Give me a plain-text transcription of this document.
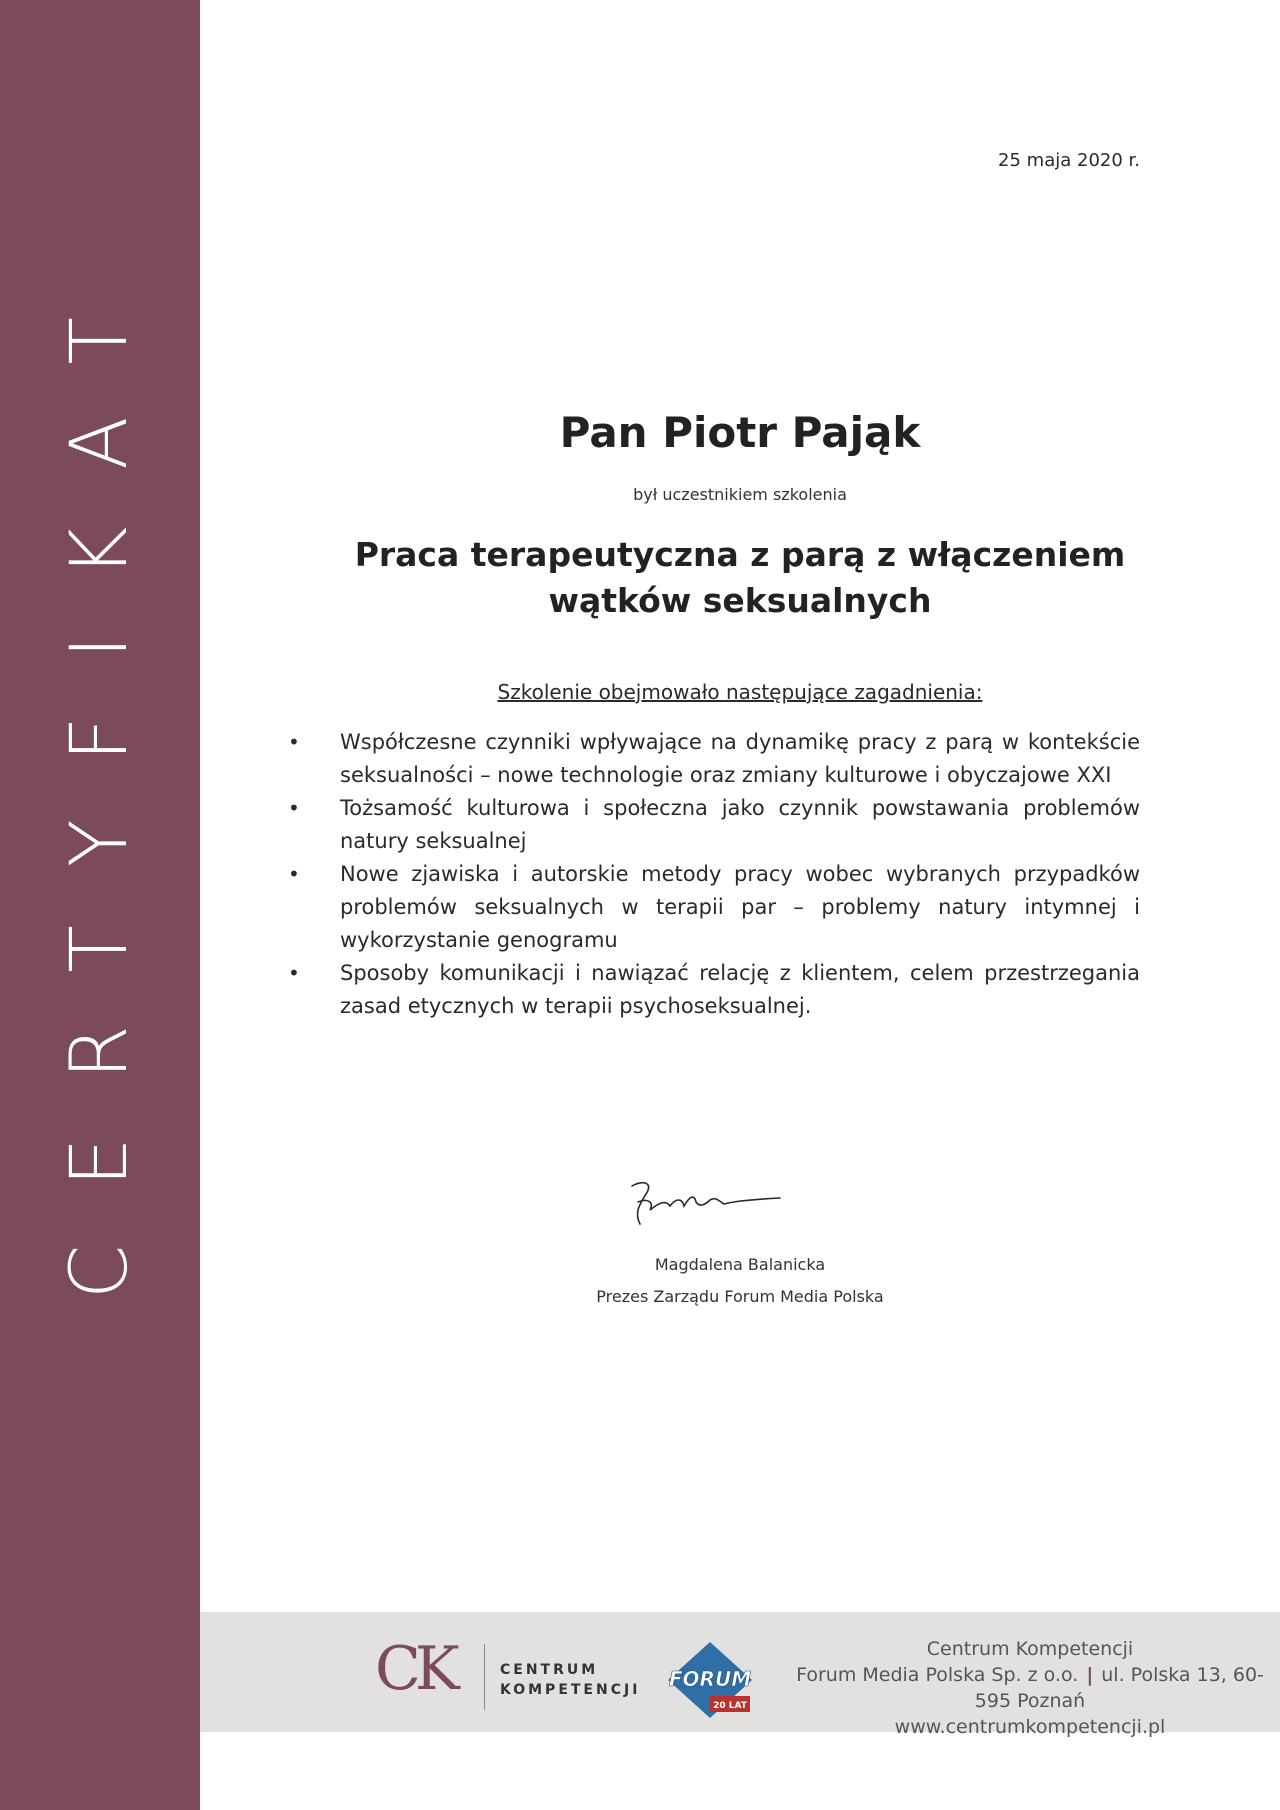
CERTYFIKAT
25 maja 2020 r.
Pan Piotr Pająk
był uczestnikiem szkolenia
Praca terapeutyczna z parą z włączeniem
wątków seksualnych
Szkolenie obejmowało następujące zagadnienia:
• Współczesne czynniki wpływające na dynamikę pracy z parą w kontekście seksualności – nowe technologie oraz zmiany kulturowe i obyczajowe XXI
• Tożsamość kulturowa i społeczna jako czynnik powstawania problemów natury seksualnej
• Nowe zjawiska i autorskie metody pracy wobec wybranych przypadków problemów seksualnych w terapii par – problemy natury intymnej i wykorzystanie genogramu
• Sposoby komunikacji i nawiązać relację z klientem, celem przestrzegania zasad etycznych w terapii psychoseksualnej.
Magdalena Balanicka
Prezes Zarządu Forum Media Polska
CK	CENTRUM
KOMPETENCJI FORUM
20 LAT
Centrum Kompetencji
Forum Media Polska Sp. z o.o. | ul. Polska 13, 60-595 Poznań
www.centrumkompetencji.pl
